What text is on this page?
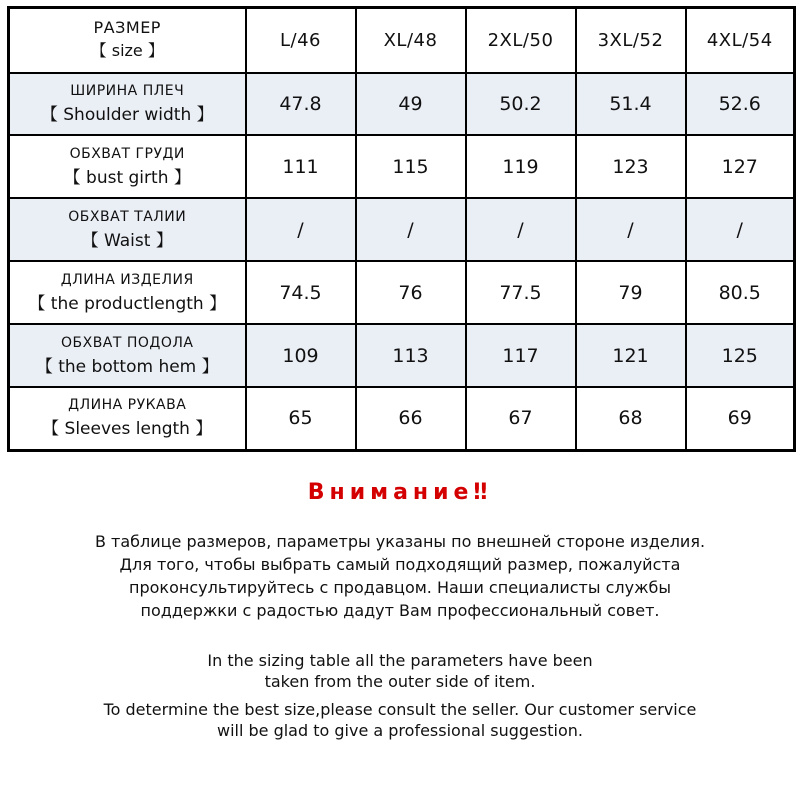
РАЗМЕР
【 size 】	L/46	XL/48	2XL/50	3XL/52	4XL/54

ШИРИНА ПЛЕЧ
【 Shoulder width 】	47.8	49	50.2	51.4	52.6

ОБХВАТ ГРУДИ
【 bust girth 】	111	115	119	123	127

ОБХВАТ ТАЛИИ
【 Waist 】	/	/	/	/	/

ДЛИНА ИЗДЕЛИЯ
【 the productlength 】	74.5	76	77.5	79	80.5

ОБХВАТ ПОДОЛА
【 the bottom hem 】	109	113	117	121	125

ДЛИНА РУКАВА
【 Sleeves length 】	65	66	67	68	69
Внимание‼
В таблице размеров, параметры указаны по внешней стороне изделия.
Для того, чтобы выбрать самый подходящий размер, пожалуйста
проконсультируйтесь с продавцом. Наши специалисты службы
поддержки с радостью дадут Вам профессиональный совет.
In the sizing table all the parameters have been
taken from the outer side of item.
To determine the best size,please consult the seller. Our customer service
will be glad to give a professional suggestion.
